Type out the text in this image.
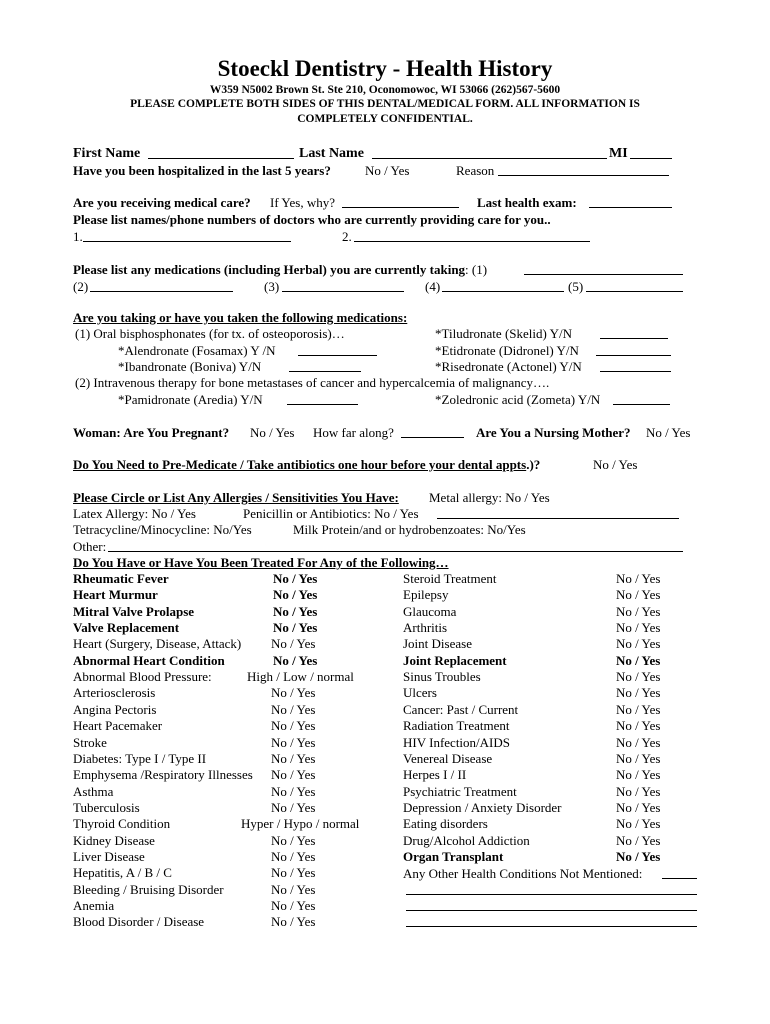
Stoeckl Dentistry - Health History
W359 N5002 Brown St. Ste 210, Oconomowoc, WI 53066 (262)567-5600
PLEASE COMPLETE BOTH SIDES OF THIS DENTAL/MEDICAL FORM. ALL INFORMATION IS
COMPLETELY CONFIDENTIAL.
First Name	Last Name	MI
Have you been hospitalized in the last 5 years?	No / Yes	Reason
Are you receiving medical care? If Yes, why?	Last health exam:
Please list names/phone numbers of doctors who are currently providing care for you..
1.	2.
Please list any medications (including Herbal) you are currently taking: (1)
(2)	(3)	(4)	(5)
Are you taking or have you taken the following medications:
(1) Oral bisphosphonates (for tx. of osteoporosis)…	*Tiludronate (Skelid) Y/N
*Alendronate (Fosamax) Y /N	*Etidronate (Didronel) Y/N
*Ibandronate (Boniva) Y/N	*Risedronate (Actonel) Y/N
(2) Intravenous therapy for bone metastases of cancer and hypercalcemia of malignancy….
*Pamidronate (Aredia) Y/N	*Zoledronic acid (Zometa) Y/N
Woman: Are You Pregnant? No / Yes How far along?	Are You a Nursing Mother? No / Yes
Do You Need to Pre-Medicate / Take antibiotics one hour before your dental appts.)?	No / Yes
Please Circle or List Any Allergies / Sensitivities You Have: Metal allergy: No / Yes
Latex Allergy: No / Yes	Penicillin or Antibiotics: No / Yes
Tetracycline/Minocycline: No/Yes	Milk Protein/and or hydrobenzoates: No/Yes
Other:
Do You Have or Have You Been Treated For Any of the Following…
Any Other Health Conditions Not Mentioned:
Rheumatic Fever	No / Yes
Heart Murmur	No / Yes
Mitral Valve Prolapse	No / Yes
Valve Replacement	No / Yes
Heart (Surgery, Disease, Attack) No / Yes
Abnormal Heart Condition	No / Yes
Abnormal Blood Pressure:	High / Low / normal
Arteriosclerosis	No / Yes
Angina Pectoris	No / Yes
Heart Pacemaker	No / Yes
Stroke	No / Yes
Diabetes: Type I / Type II	No / Yes
Emphysema /Respiratory Illnesses No / Yes
Asthma	No / Yes
Tuberculosis	No / Yes
Thyroid Condition	Hyper / Hypo / normal
Kidney Disease	No / Yes
Liver Disease	No / Yes
Hepatitis, A / B / C	No / Yes
Bleeding / Bruising Disorder	No / Yes
Anemia	No / Yes
Blood Disorder / Disease	No / Yes
Steroid Treatment	No / Yes
Epilepsy	No / Yes
Glaucoma	No / Yes
Arthritis	No / Yes
Joint Disease	No / Yes
Joint Replacement	No / Yes
Sinus Troubles	No / Yes
Ulcers	No / Yes
Cancer: Past / Current	No / Yes
Radiation Treatment	No / Yes
HIV Infection/AIDS	No / Yes
Venereal Disease	No / Yes
Herpes I / II	No / Yes
Psychiatric Treatment	No / Yes
Depression / Anxiety Disorder	No / Yes
Eating disorders	No / Yes
Drug/Alcohol Addiction	No / Yes
Organ Transplant	No / Yes
